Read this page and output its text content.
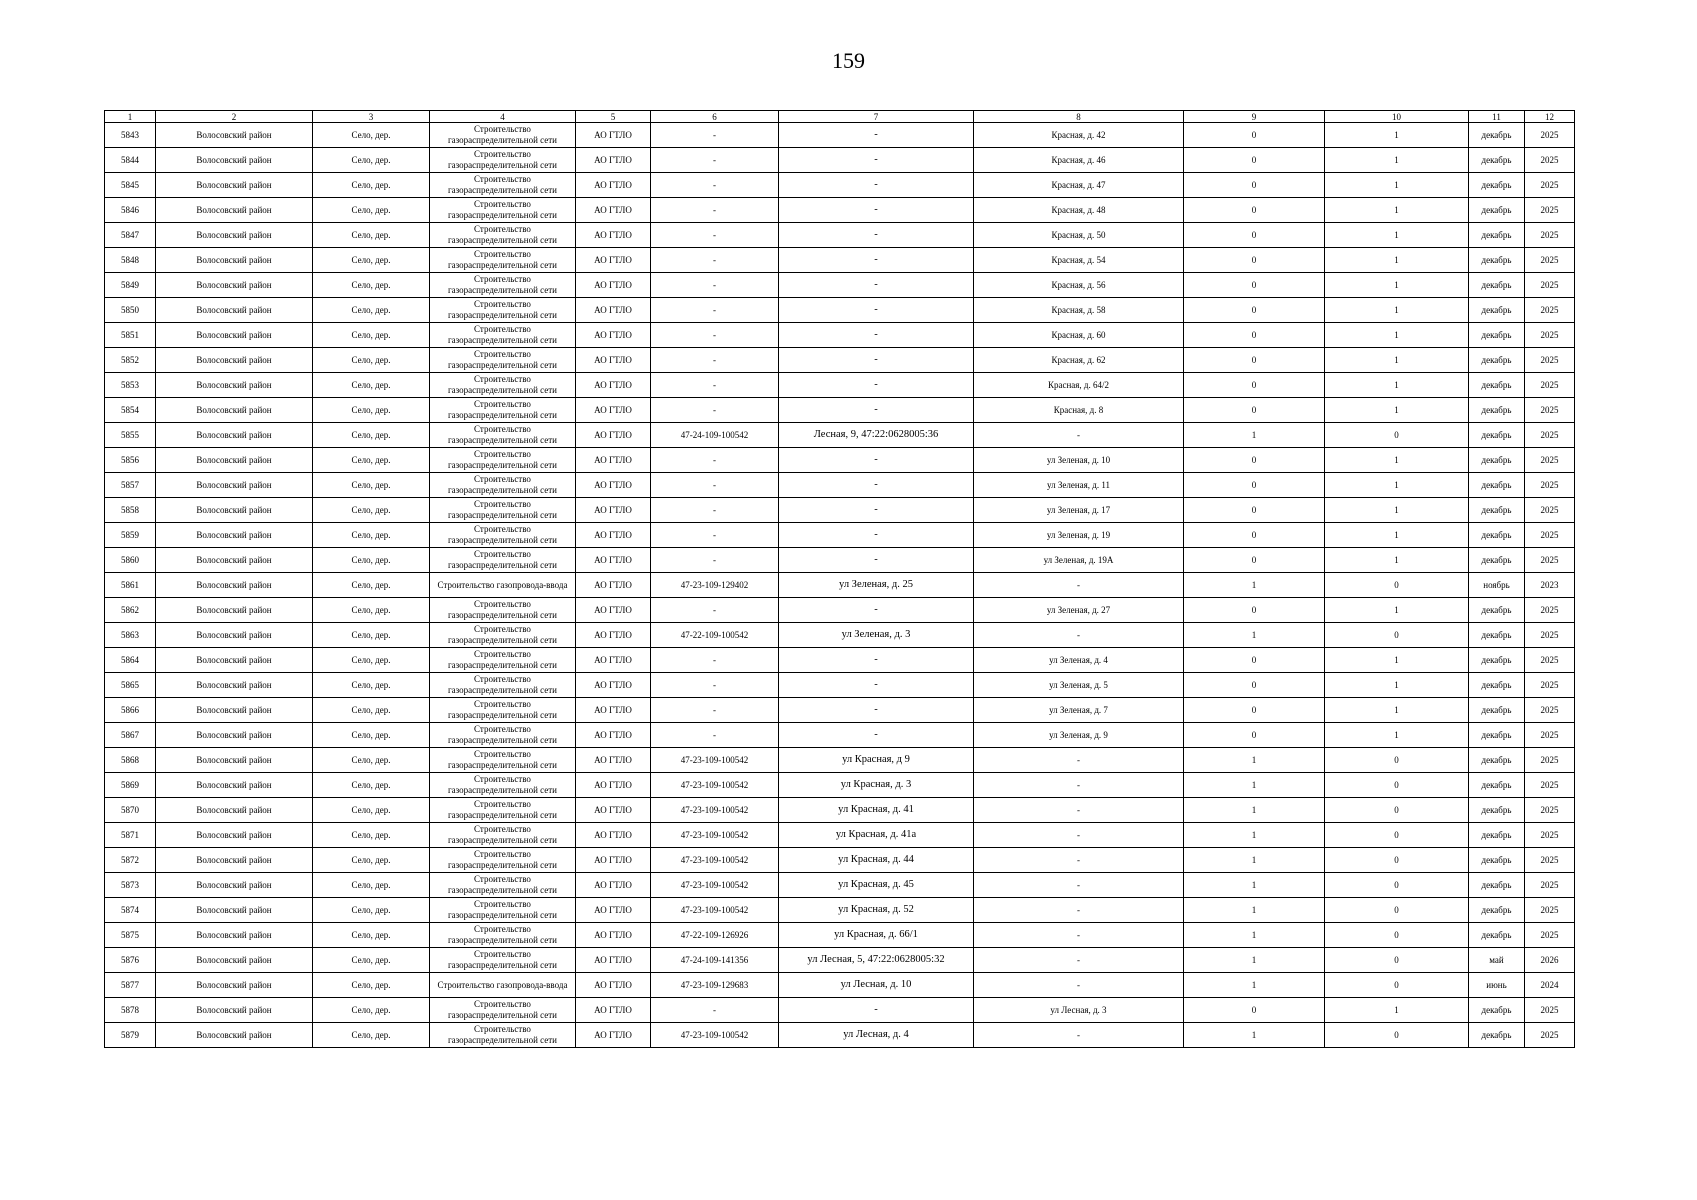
159
1	2	3	4	5	6	7	8	9	10	11	12
5843	Волосовский район	Село, дер.	Строительство газораспределительной сети	АО ГТЛО	-	-	Красная, д. 42	0	1	декабрь	2025
5844	Волосовский район	Село, дер.	Строительство газораспределительной сети	АО ГТЛО	-	-	Красная, д. 46	0	1	декабрь	2025
5845	Волосовский район	Село, дер.	Строительство газораспределительной сети	АО ГТЛО	-	-	Красная, д. 47	0	1	декабрь	2025
5846	Волосовский район	Село, дер.	Строительство газораспределительной сети	АО ГТЛО	-	-	Красная, д. 48	0	1	декабрь	2025
5847	Волосовский район	Село, дер.	Строительство газораспределительной сети	АО ГТЛО	-	-	Красная, д. 50	0	1	декабрь	2025
5848	Волосовский район	Село, дер.	Строительство газораспределительной сети	АО ГТЛО	-	-	Красная, д. 54	0	1	декабрь	2025
5849	Волосовский район	Село, дер.	Строительство газораспределительной сети	АО ГТЛО	-	-	Красная, д. 56	0	1	декабрь	2025
5850	Волосовский район	Село, дер.	Строительство газораспределительной сети	АО ГТЛО	-	-	Красная, д. 58	0	1	декабрь	2025
5851	Волосовский район	Село, дер.	Строительство газораспределительной сети	АО ГТЛО	-	-	Красная, д. 60	0	1	декабрь	2025
5852	Волосовский район	Село, дер.	Строительство газораспределительной сети	АО ГТЛО	-	-	Красная, д. 62	0	1	декабрь	2025
5853	Волосовский район	Село, дер.	Строительство газораспределительной сети	АО ГТЛО	-	-	Красная, д. 64/2	0	1	декабрь	2025
5854	Волосовский район	Село, дер.	Строительство газораспределительной сети	АО ГТЛО	-	-	Красная, д. 8	0	1	декабрь	2025
5855	Волосовский район	Село, дер.	Строительство газораспределительной сети	АО ГТЛО	47-24-109-100542	Лесная, 9, 47:22:0628005:36	-	1	0	декабрь	2025
5856	Волосовский район	Село, дер.	Строительство газораспределительной сети	АО ГТЛО	-	-	ул Зеленая, д. 10	0	1	декабрь	2025
5857	Волосовский район	Село, дер.	Строительство газораспределительной сети	АО ГТЛО	-	-	ул Зеленая, д. 11	0	1	декабрь	2025
5858	Волосовский район	Село, дер.	Строительство газораспределительной сети	АО ГТЛО	-	-	ул Зеленая, д. 17	0	1	декабрь	2025
5859	Волосовский район	Село, дер.	Строительство газораспределительной сети	АО ГТЛО	-	-	ул Зеленая, д. 19	0	1	декабрь	2025
5860	Волосовский район	Село, дер.	Строительство газораспределительной сети	АО ГТЛО	-	-	ул Зеленая, д. 19А	0	1	декабрь	2025
5861	Волосовский район	Село, дер.	Строительство газопровода-ввода	АО ГТЛО	47-23-109-129402	ул Зеленая, д. 25	-	1	0	ноябрь	2023
5862	Волосовский район	Село, дер.	Строительство газораспределительной сети	АО ГТЛО	-	-	ул Зеленая, д. 27	0	1	декабрь	2025
5863	Волосовский район	Село, дер.	Строительство газораспределительной сети	АО ГТЛО	47-22-109-100542	ул Зеленая, д. 3	-	1	0	декабрь	2025
5864	Волосовский район	Село, дер.	Строительство газораспределительной сети	АО ГТЛО	-	-	ул Зеленая, д. 4	0	1	декабрь	2025
5865	Волосовский район	Село, дер.	Строительство газораспределительной сети	АО ГТЛО	-	-	ул Зеленая, д. 5	0	1	декабрь	2025
5866	Волосовский район	Село, дер.	Строительство газораспределительной сети	АО ГТЛО	-	-	ул Зеленая, д. 7	0	1	декабрь	2025
5867	Волосовский район	Село, дер.	Строительство газораспределительной сети	АО ГТЛО	-	-	ул Зеленая, д. 9	0	1	декабрь	2025
5868	Волосовский район	Село, дер.	Строительство газораспределительной сети	АО ГТЛО	47-23-109-100542	ул Красная, д 9	-	1	0	декабрь	2025
5869	Волосовский район	Село, дер.	Строительство газораспределительной сети	АО ГТЛО	47-23-109-100542	ул Красная, д. 3	-	1	0	декабрь	2025
5870	Волосовский район	Село, дер.	Строительство газораспределительной сети	АО ГТЛО	47-23-109-100542	ул Красная, д. 41	-	1	0	декабрь	2025
5871	Волосовский район	Село, дер.	Строительство газораспределительной сети	АО ГТЛО	47-23-109-100542	ул Красная, д. 41а	-	1	0	декабрь	2025
5872	Волосовский район	Село, дер.	Строительство газораспределительной сети	АО ГТЛО	47-23-109-100542	ул Красная, д. 44	-	1	0	декабрь	2025
5873	Волосовский район	Село, дер.	Строительство газораспределительной сети	АО ГТЛО	47-23-109-100542	ул Красная, д. 45	-	1	0	декабрь	2025
5874	Волосовский район	Село, дер.	Строительство газораспределительной сети	АО ГТЛО	47-23-109-100542	ул Красная, д. 52	-	1	0	декабрь	2025
5875	Волосовский район	Село, дер.	Строительство газораспределительной сети	АО ГТЛО	47-22-109-126926	ул Красная, д. 66/1	-	1	0	декабрь	2025
5876	Волосовский район	Село, дер.	Строительство газораспределительной сети	АО ГТЛО	47-24-109-141356	ул Лесная, 5, 47:22:0628005:32	-	1	0	май	2026
5877	Волосовский район	Село, дер.	Строительство газопровода-ввода	АО ГТЛО	47-23-109-129683	ул Лесная, д. 10	-	1	0	июнь	2024
5878	Волосовский район	Село, дер.	Строительство газораспределительной сети	АО ГТЛО	-	-	ул Лесная, д. 3	0	1	декабрь	2025
5879	Волосовский район	Село, дер.	Строительство газораспределительной сети	АО ГТЛО	47-23-109-100542	ул Лесная, д. 4	-	1	0	декабрь	2025
